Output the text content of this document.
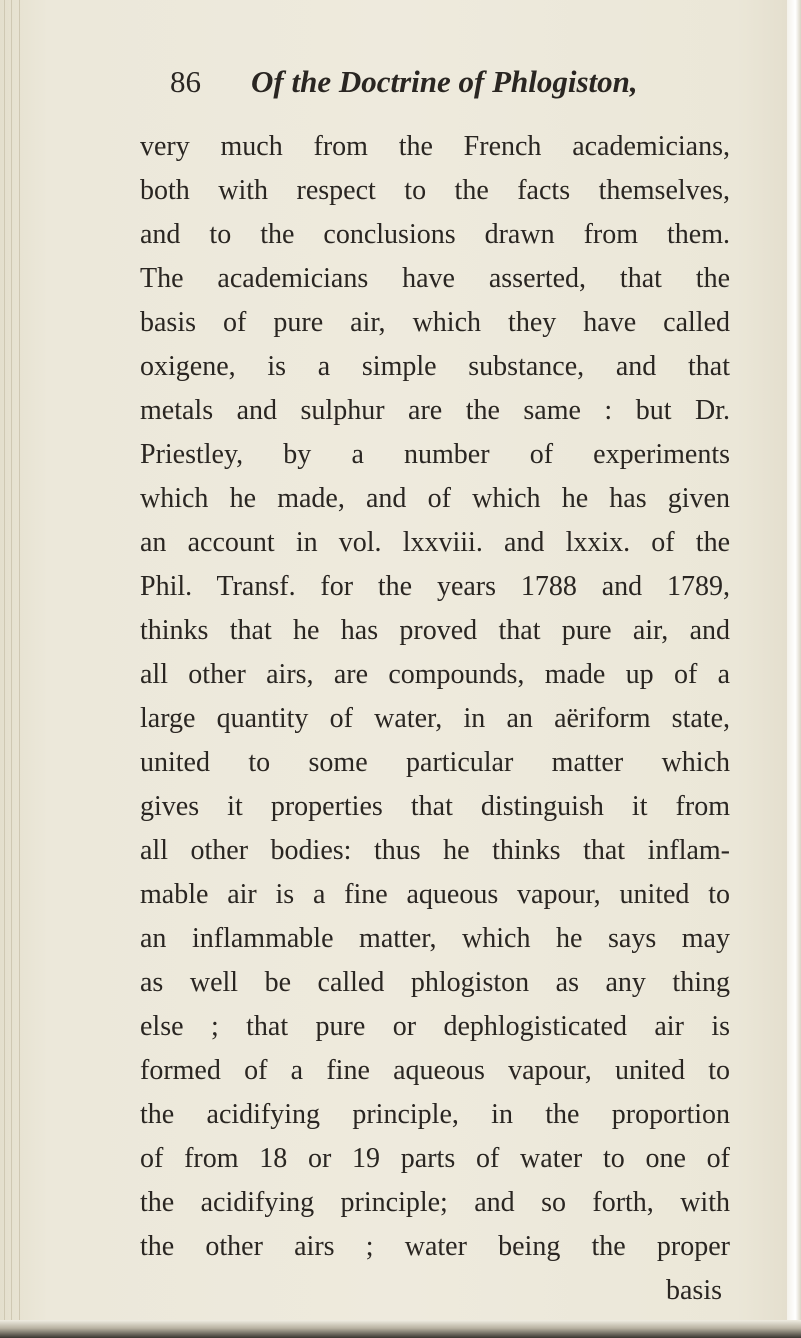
86 Of the Doctrine of Phlogiston,
very much from the French academicians,
both with respect to the facts themselves,
and to the conclusions drawn from them.
The academicians have asserted, that the
basis of pure air, which they have called
oxigene, is a simple substance, and that
metals and sulphur are the same : but Dr.
Priestley, by a number of experiments
which he made, and of which he has given
an account in vol. lxxviii. and lxxix. of the
Phil. Transf. for the years 1788 and 1789,
thinks that he has proved that pure air, and
all other airs, are compounds, made up of a
large quantity of water, in an aëriform state,
united to some particular matter which
gives it properties that distinguish it from
all other bodies: thus he thinks that inflam-
mable air is a fine aqueous vapour, united to
an inflammable matter, which he says may
as well be called phlogiston as any thing
else ; that pure or dephlogisticated air is
formed of a fine aqueous vapour, united to
the acidifying principle, in the proportion
of from 18 or 19 parts of water to one of
the acidifying principle; and so forth, with
the other airs ; water being the proper
basis
